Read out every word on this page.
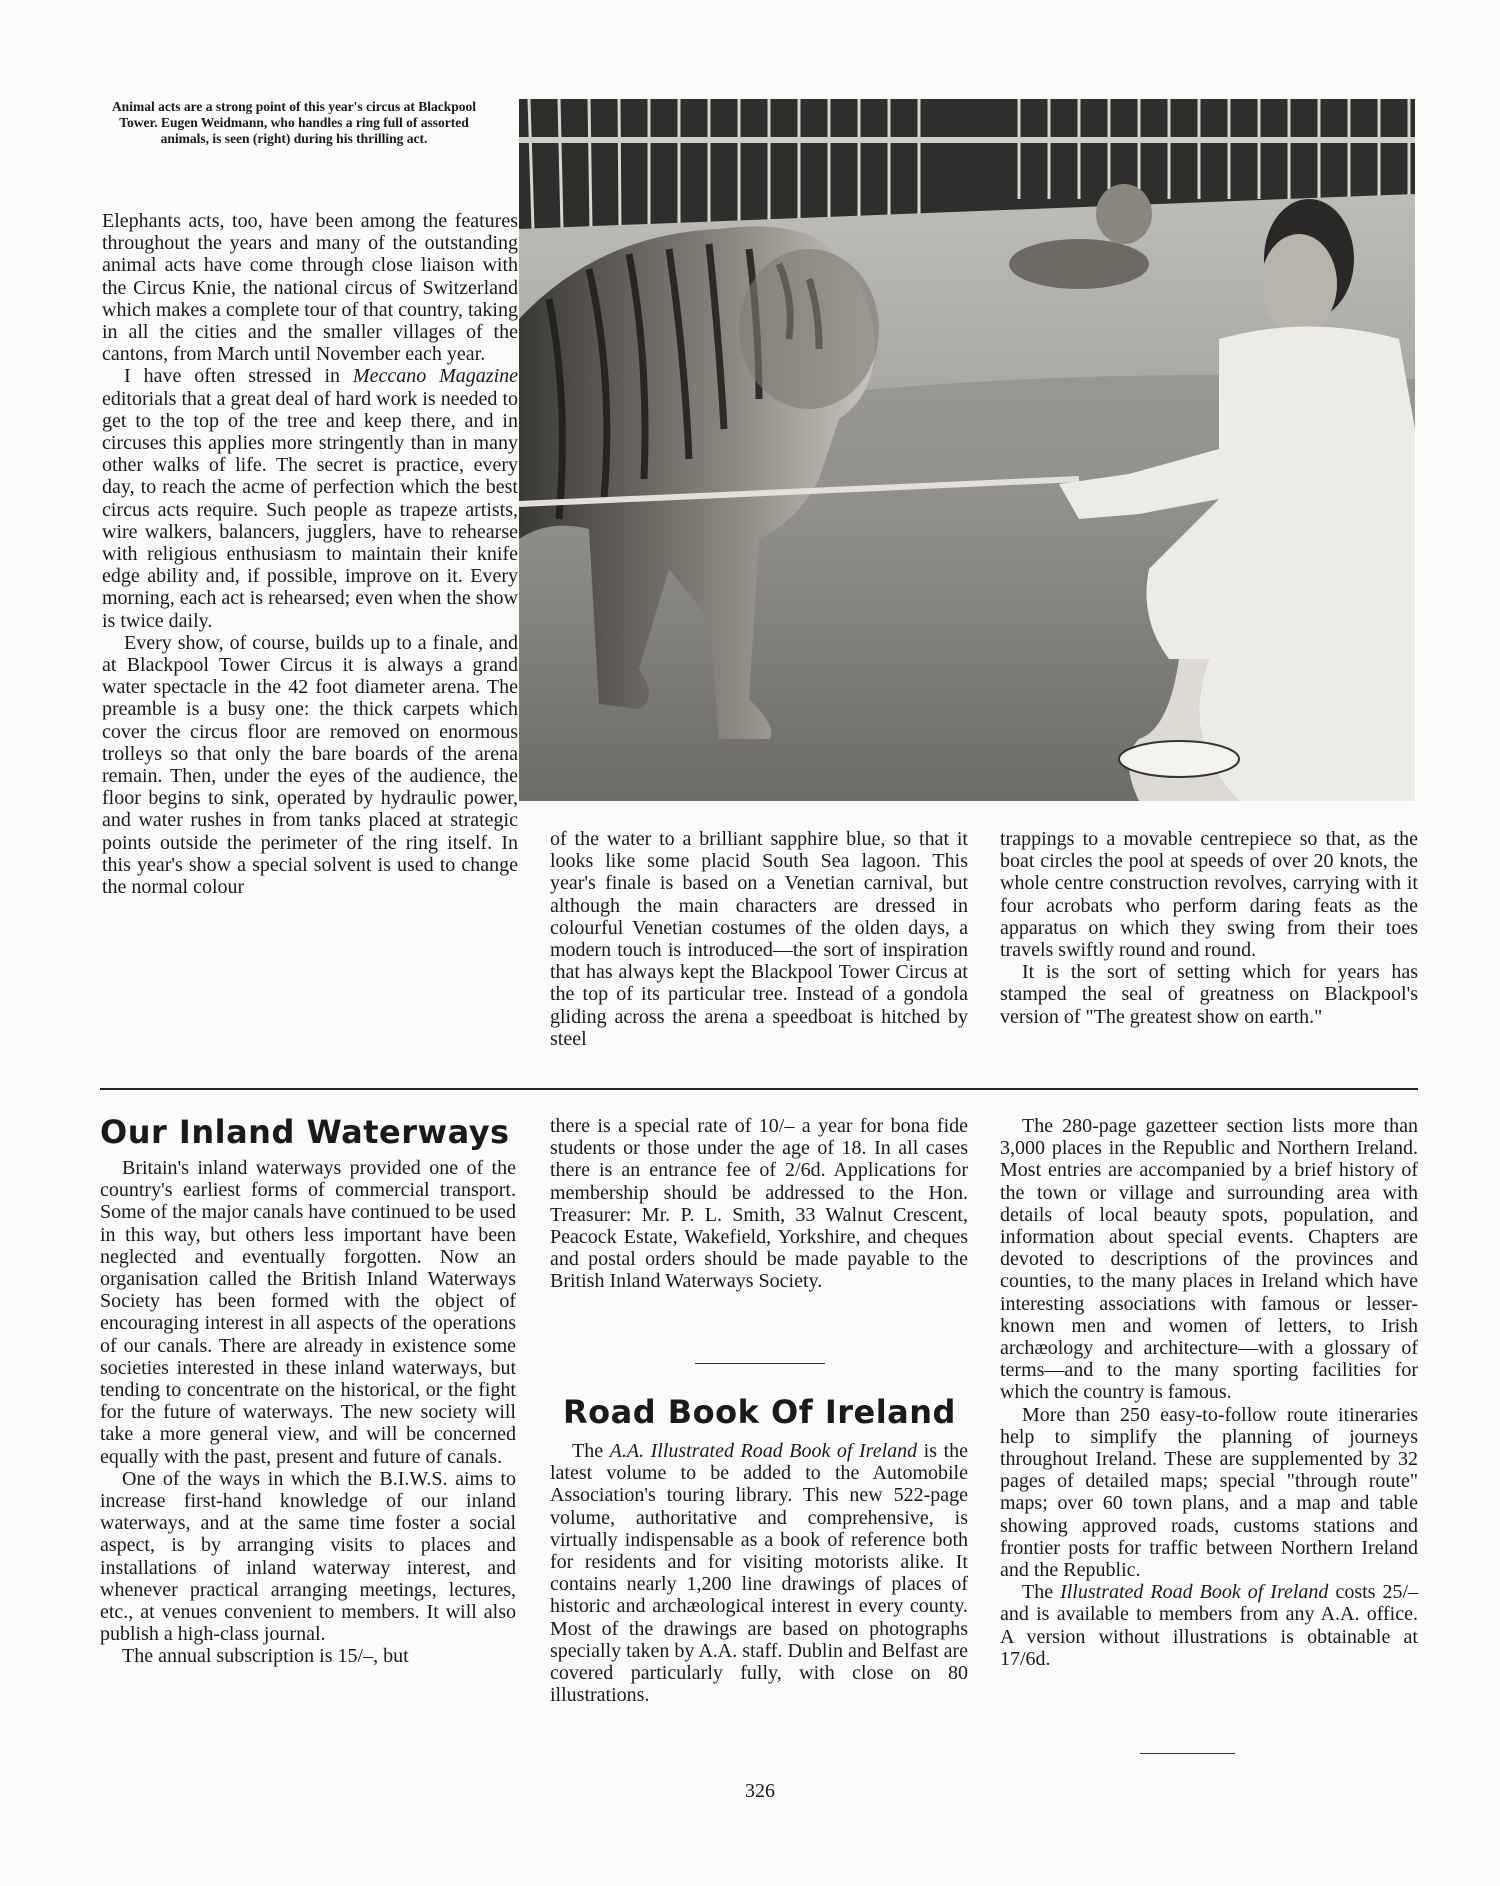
Animal acts are a strong point of this year's circus at Blackpool Tower. Eugen Weidmann, who handles a ring full of assorted animals, is seen (right) during his thrilling act.

Elephants acts, too, have been among the features throughout the years and many of the outstanding animal acts have come through close liaison with the Circus Knie, the national circus of Switzerland which makes a complete tour of that country, taking in all the cities and the smaller villages of the cantons, from March until November each year.

I have often stressed in Meccano Magazine editorials that a great deal of hard work is needed to get to the top of the tree and keep there, and in circuses this applies more stringently than in many other walks of life. The secret is practice, every day, to reach the acme of perfection which the best circus acts require. Such people as trapeze artists, wire walkers, balancers, jugglers, have to rehearse with religious enthusiasm to maintain their knife edge ability and, if possible, improve on it. Every morning, each act is rehearsed; even when the show is twice daily.

Every show, of course, builds up to a finale, and at Blackpool Tower Circus it is always a grand water spectacle in the 42 foot diameter arena. The preamble is a busy one: the thick carpets which cover the circus floor are removed on enormous trolleys so that only the bare boards of the arena remain. Then, under the eyes of the audience, the floor begins to sink, operated by hydraulic power, and water rushes in from tanks placed at strategic points outside the perimeter of the ring itself. In this year's show a special solvent is used to change the normal colour

of the water to a brilliant sapphire blue, so that it looks like some placid South Sea lagoon. This year's finale is based on a Venetian carnival, but although the main characters are dressed in colourful Venetian costumes of the olden days, a modern touch is introduced—the sort of inspiration that has always kept the Blackpool Tower Circus at the top of its particular tree. Instead of a gondola gliding across the arena a speedboat is hitched by steel

trappings to a movable centrepiece so that, as the boat circles the pool at speeds of over 20 knots, the whole centre construction revolves, carrying with it four acrobats who perform daring feats as the apparatus on which they swing from their toes travels swiftly round and round.

It is the sort of setting which for years has stamped the seal of greatness on Blackpool's version of "The greatest show on earth."

Our Inland Waterways

Britain's inland waterways provided one of the country's earliest forms of commercial transport. Some of the major canals have continued to be used in this way, but others less important have been neglected and eventually forgotten. Now an organisation called the British Inland Waterways Society has been formed with the object of encouraging interest in all aspects of the operations of our canals. There are already in existence some societies interested in these inland waterways, but tending to concentrate on the historical, or the fight for the future of waterways. The new society will take a more general view, and will be concerned equally with the past, present and future of canals.

One of the ways in which the B.I.W.S. aims to increase first-hand knowledge of our inland waterways, and at the same time foster a social aspect, is by arranging visits to places and installations of inland waterway interest, and whenever practical arranging meetings, lectures, etc., at venues convenient to members. It will also publish a high-class journal.

The annual subscription is 15/–, but

there is a special rate of 10/– a year for bona fide students or those under the age of 18. In all cases there is an entrance fee of 2/6d. Applications for membership should be addressed to the Hon. Treasurer: Mr. P. L. Smith, 33 Walnut Crescent, Peacock Estate, Wakefield, Yorkshire, and cheques and postal orders should be made payable to the British Inland Waterways Society.

Road Book Of Ireland

The A.A. Illustrated Road Book of Ireland is the latest volume to be added to the Automobile Association's touring library. This new 522-page volume, authoritative and comprehensive, is virtually indispensable as a book of reference both for residents and for visiting motorists alike. It contains nearly 1,200 line drawings of places of historic and archæological interest in every county. Most of the drawings are based on photographs specially taken by A.A. staff. Dublin and Belfast are covered particularly fully, with close on 80 illustrations.

The 280-page gazetteer section lists more than 3,000 places in the Republic and Northern Ireland. Most entries are accompanied by a brief history of the town or village and surrounding area with details of local beauty spots, population, and information about special events. Chapters are devoted to descriptions of the provinces and counties, to the many places in Ireland which have interesting associations with famous or lesser-known men and women of letters, to Irish archæology and architecture—with a glossary of terms—and to the many sporting facilities for which the country is famous.

More than 250 easy-to-follow route itineraries help to simplify the planning of journeys throughout Ireland. These are supplemented by 32 pages of detailed maps; special "through route" maps; over 60 town plans, and a map and table showing approved roads, customs stations and frontier posts for traffic between Northern Ireland and the Republic.

The Illustrated Road Book of Ireland costs 25/– and is available to members from any A.A. office. A version without illustrations is obtainable at 17/6d.

326
